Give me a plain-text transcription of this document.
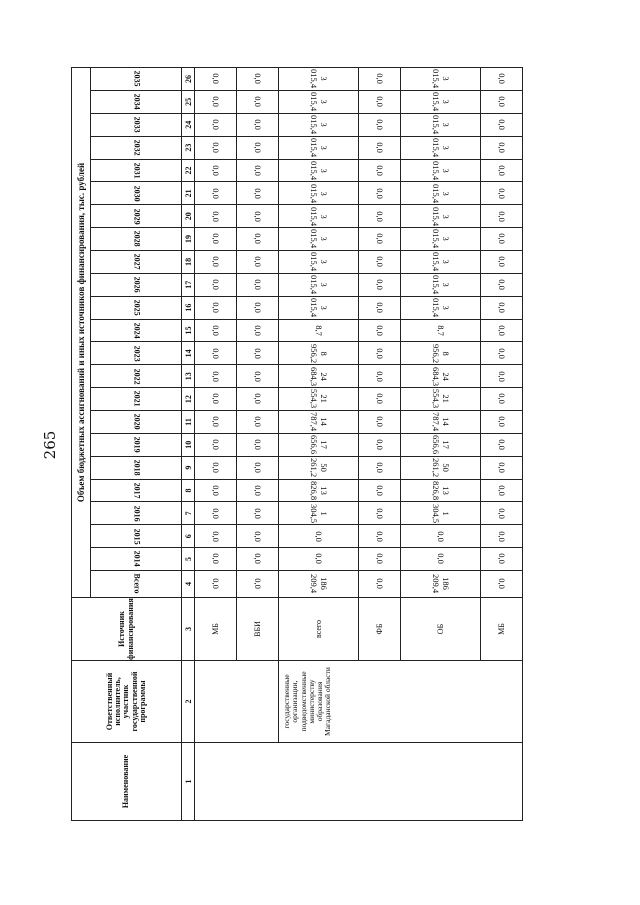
265
Наименование	Ответственный исполнитель, участник государственной программы	Источник финансирования	Объем бюджетных ассигнований и иных источников финансирования, тыс. рублей																						
			Всего	2014	2015	2016	2017	2018	2019	2020	2021	2022	2023	2024	2025	2026	2027	2028	2029	2030	2031	2032	2033	2034	2035
1	2	3	4	5	6	7	8	9	10	11	12	13	14	15	16	17	18	19	20	21	22	23	24	25	26
		МБ	0,0	0,0	0,0	0,0	0,0	0,0	0,0	0,0	0,0	0,0	0,0	0,0	0,0	0,0	0,0	0,0	0,0	0,0	0,0	0,0	0,0	0,0	0,0
		ВБИ	0,0	0,0	0,0	0,0	0,0	0,0	0,0	0,0	0,0	0,0	0,0	0,0	0,0	0,0	0,0	0,0	0,0	0,0	0,0	0,0	0,0	0,0	0,0
	государственные организации, подведомственные министерству образования Магаданской области	всего	186 209,4	0,0	0,0	1 304,5	13 826,8	50 261,2	17 656,6	14 787,4	21 554,3	24 684,3	8 956,2	8,7	3 015,4	3 015,4	3 015,4	3 015,4	3 015,4	3 015,4	3 015,4	3 015,4	3 015,4	3 015,4	3 015,4
		ФБ	0,0	0,0	0,0	0,0	0,0	0,0	0,0	0,0	0,0	0,0	0,0	0,0	0,0	0,0	0,0	0,0	0,0	0,0	0,0	0,0	0,0	0,0	0,0
		ОБ	186 209,4	0,0	0,0	1 304,5	13 826,8	50 261,2	17 656,6	14 787,4	21 554,3	24 684,3	8 956,2	8,7	3 015,4	3 015,4	3 015,4	3 015,4	3 015,4	3 015,4	3 015,4	3 015,4	3 015,4	3 015,4	3 015,4
		МБ	0,0	0,0	0,0	0,0	0,0	0,0	0,0	0,0	0,0	0,0	0,0	0,0	0,0	0,0	0,0	0,0	0,0	0,0	0,0	0,0	0,0	0,0	0,0
